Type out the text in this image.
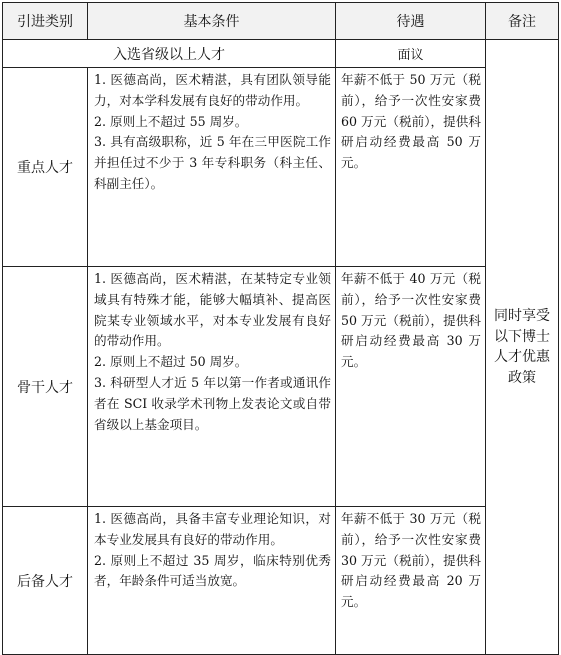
引进类别	基本条件	待遇	备注
入选省级以上人才		面议	同时享受以下博士人才优惠政策
重点人才	1. 医德高尚，医术精湛，具有团队领导能力，对本学科发展有良好的带动作用。

2. 原则上不超过 55 周岁。

3. 具有高级职称，近 5 年在三甲医院工作并担任过不少于 3 年专科职务（科主任、科副主任）。	年薪不低于 50 万元（税前），给予一次性安家费 60 万元（税前），提供科研启动经费最高 50 万元。	
骨干人才	1. 医德高尚，医术精湛，在某特定专业领域具有特殊才能，能够大幅填补、提高医院某专业领域水平，对本专业发展有良好的带动作用。

2. 原则上不超过 50 周岁。

3. 科研型人才近 5 年以第一作者或通讯作者在 SCI 收录学术刊物上发表论文或自带省级以上基金项目。	年薪不低于 40 万元（税前），给予一次性安家费 50 万元（税前），提供科研启动经费最高 30 万元。	
后备人才	1. 医德高尚，具备丰富专业理论知识，对本专业发展具有良好的带动作用。

2. 原则上不超过 35 周岁，临床特别优秀者，年龄条件可适当放宽。	年薪不低于 30 万元（税前），给予一次性安家费 30 万元（税前），提供科研启动经费最高 20 万元。	
